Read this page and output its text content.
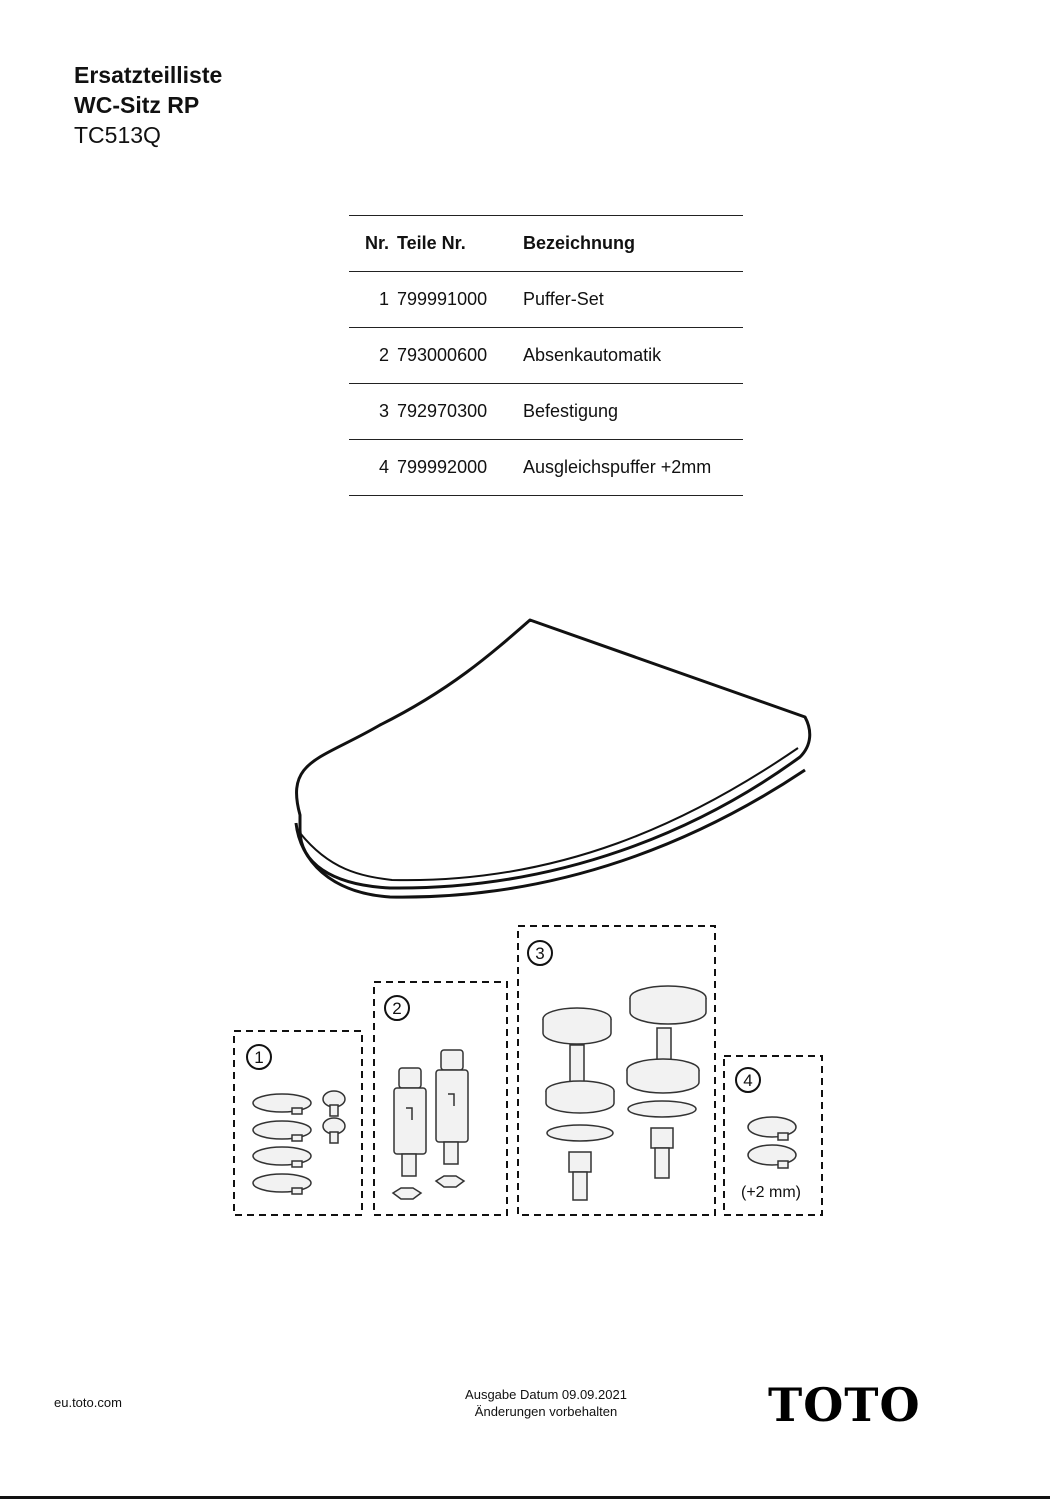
Ersatzteilliste

WC-Sitz RP

TC513Q

Nr.	Teile Nr.	Bezeichnung
1	799991000	Puffer-Set
2	793000600	Absenkautomatik
3	792970300	Befestigung
4	799992000	Ausgleichspuffer +2mm
1
2
3
4
(+2 mm)
eu.toto.com
Ausgabe Datum 09.09.2021
Änderungen vorbehalten	TOTO
